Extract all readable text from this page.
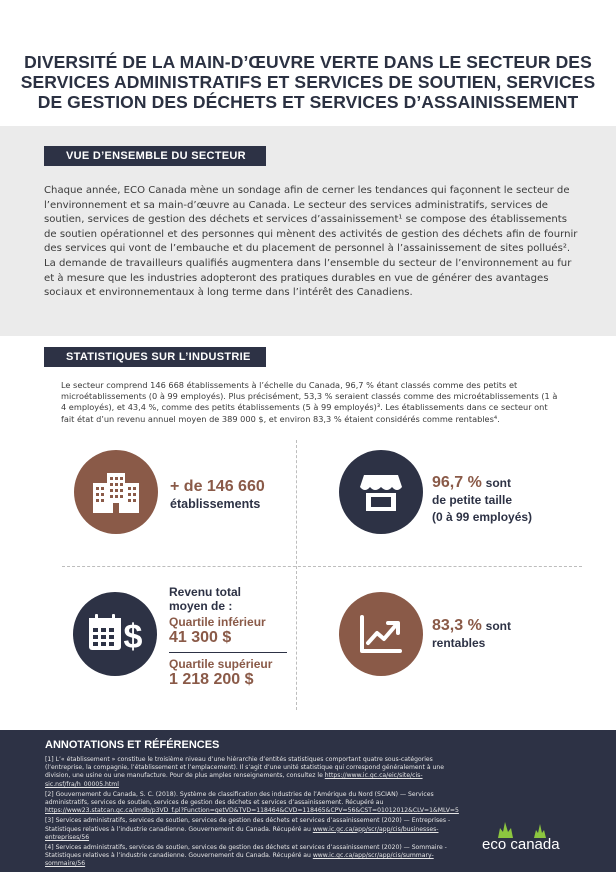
DIVERSITÉ DE LA MAIN-D’ŒUVRE VERTE DANS LE SECTEUR DES
SERVICES ADMINISTRATIFS ET SERVICES DE SOUTIEN, SERVICES
DE GESTION DES DÉCHETS ET SERVICES D’ASSAINISSEMENT
VUE D’ENSEMBLE DU SECTEUR

Chaque année, ECO Canada mène un sondage afin de cerner les tendances qui façonnent le secteur de l’environnement et sa main-d’œuvre au Canada. Le secteur des services administratifs, services de soutien, services de gestion des déchets et services d’assainissement¹ se compose des établissements de soutien opérationnel et des personnes qui mènent des activités de gestion des déchets afin de fournir des services qui vont de l’embauche et du placement de personnel à l’assainissement de sites pollués². La demande de travailleurs qualifiés augmentera dans l’ensemble du secteur de l’environnement au fur et à mesure que les industries adopteront des pratiques durables en vue de générer des avantages sociaux et environnementaux à long terme dans l’intérêt des Canadiens.

STATISTIQUES SUR L’INDUSTRIE

Le secteur comprend 146 668 établissements à l’échelle du Canada, 96,7 % étant classés comme des petits et microétablissements (0 à 99 employés). Plus précisément, 53,3 % seraient classés comme des microétablissements (1 à 4 employés), et 43,4 %, comme des petits établissements (5 à 99 employés)³. Les établissements dans ce secteur ont fait état d’un revenu annuel moyen de 389 000 $, et environ 83,3 % étaient considérés comme rentables⁴.

+ de 146 660
établissements
96,7 % sont
de petite taille
(0 à 99 employés)
$
Revenu total
moyen de :
Quartile inférieur
41 300 $
Quartile supérieur
1 218 200 $
83,3 % sont
rentables
ANNOTATIONS ET RÉFÉRENCES

[1] L’« établissement » constitue le troisième niveau d’une hiérarchie d’entités statistiques comportant quatre sous-catégories (l’entreprise, la compagnie, l’établissement et l’emplacement). Il s’agit d’une unité statistique qui correspond généralement à une division, une usine ou une manufacture. Pour de plus amples renseignements, consultez le https://www.ic.gc.ca/eic/site/cis-sic.nsf/fra/h_00005.html

[2] Gouvernement du Canada, S. C. (2018). Système de classification des industries de l’Amérique du Nord (SCIAN) — Services administratifs, services de soutien, services de gestion des déchets et services d’assainissement. Récupéré au https://www23.statcan.gc.ca/imdb/p3VD_f.pl?Function=getVD&TVD=118464&CVD=118465&CPV=56&CST=01012012&CLV=1&MLV=5

[3] Services administratifs, services de soutien, services de gestion des déchets et services d’assainissement (2020) — Entreprises - Statistiques relatives à l’industrie canadienne. Gouvernement du Canada. Récupéré au www.ic.gc.ca/app/scr/app/cis/businesses-entreprises/56

[4] Services administratifs, services de soutien, services de gestion des déchets et services d’assainissement (2020) — Sommaire - Statistiques relatives à l’industrie canadienne. Gouvernement du Canada. Récupéré au www.ic.gc.ca/app/scr/app/cis/summary-sommaire/56

eco canada
